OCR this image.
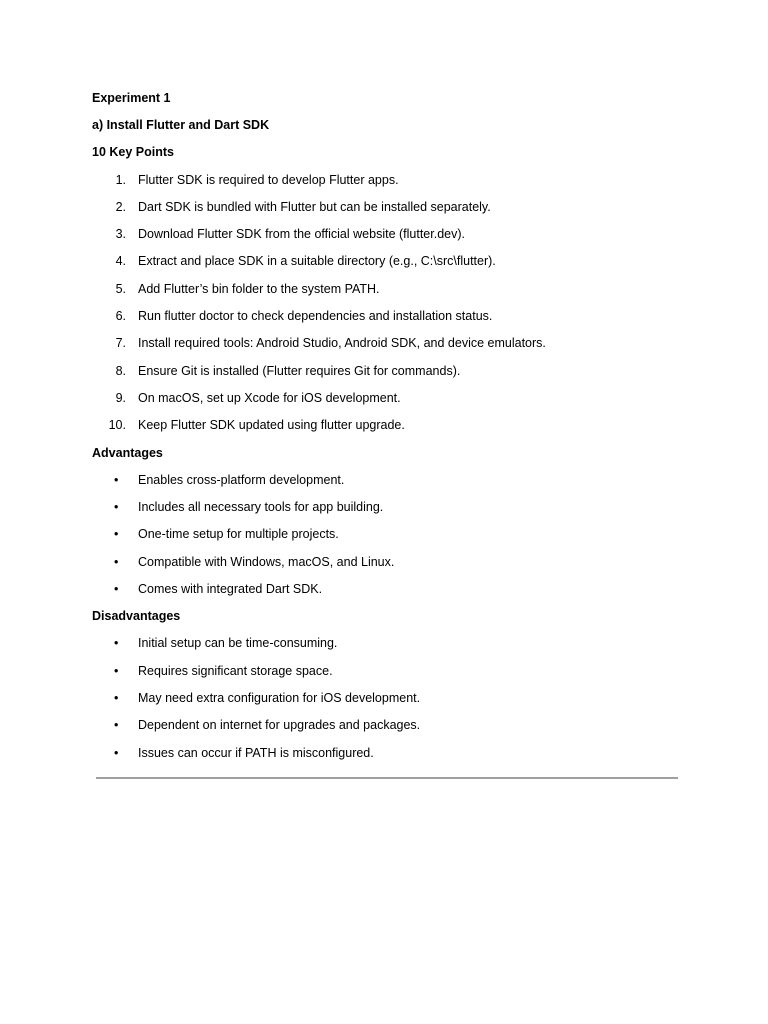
Experiment 1
a) Install Flutter and Dart SDK
10 Key Points
1. Flutter SDK is required to develop Flutter apps.
2. Dart SDK is bundled with Flutter but can be installed separately.
3. Download Flutter SDK from the official website (flutter.dev).
4. Extract and place SDK in a suitable directory (e.g., C:\src\flutter).
5. Add Flutter’s bin folder to the system PATH.
6. Run flutter doctor to check dependencies and installation status.
7. Install required tools: Android Studio, Android SDK, and device emulators.
8. Ensure Git is installed (Flutter requires Git for commands).
9. On macOS, set up Xcode for iOS development.
10. Keep Flutter SDK updated using flutter upgrade.
Advantages
•	Enables cross-platform development.
•	Includes all necessary tools for app building.
•	One-time setup for multiple projects.
•	Compatible with Windows, macOS, and Linux.
•	Comes with integrated Dart SDK.
Disadvantages
•	Initial setup can be time-consuming.
•	Requires significant storage space.
•	May need extra configuration for iOS development.
•	Dependent on internet for upgrades and packages.
•	Issues can occur if PATH is misconfigured.
